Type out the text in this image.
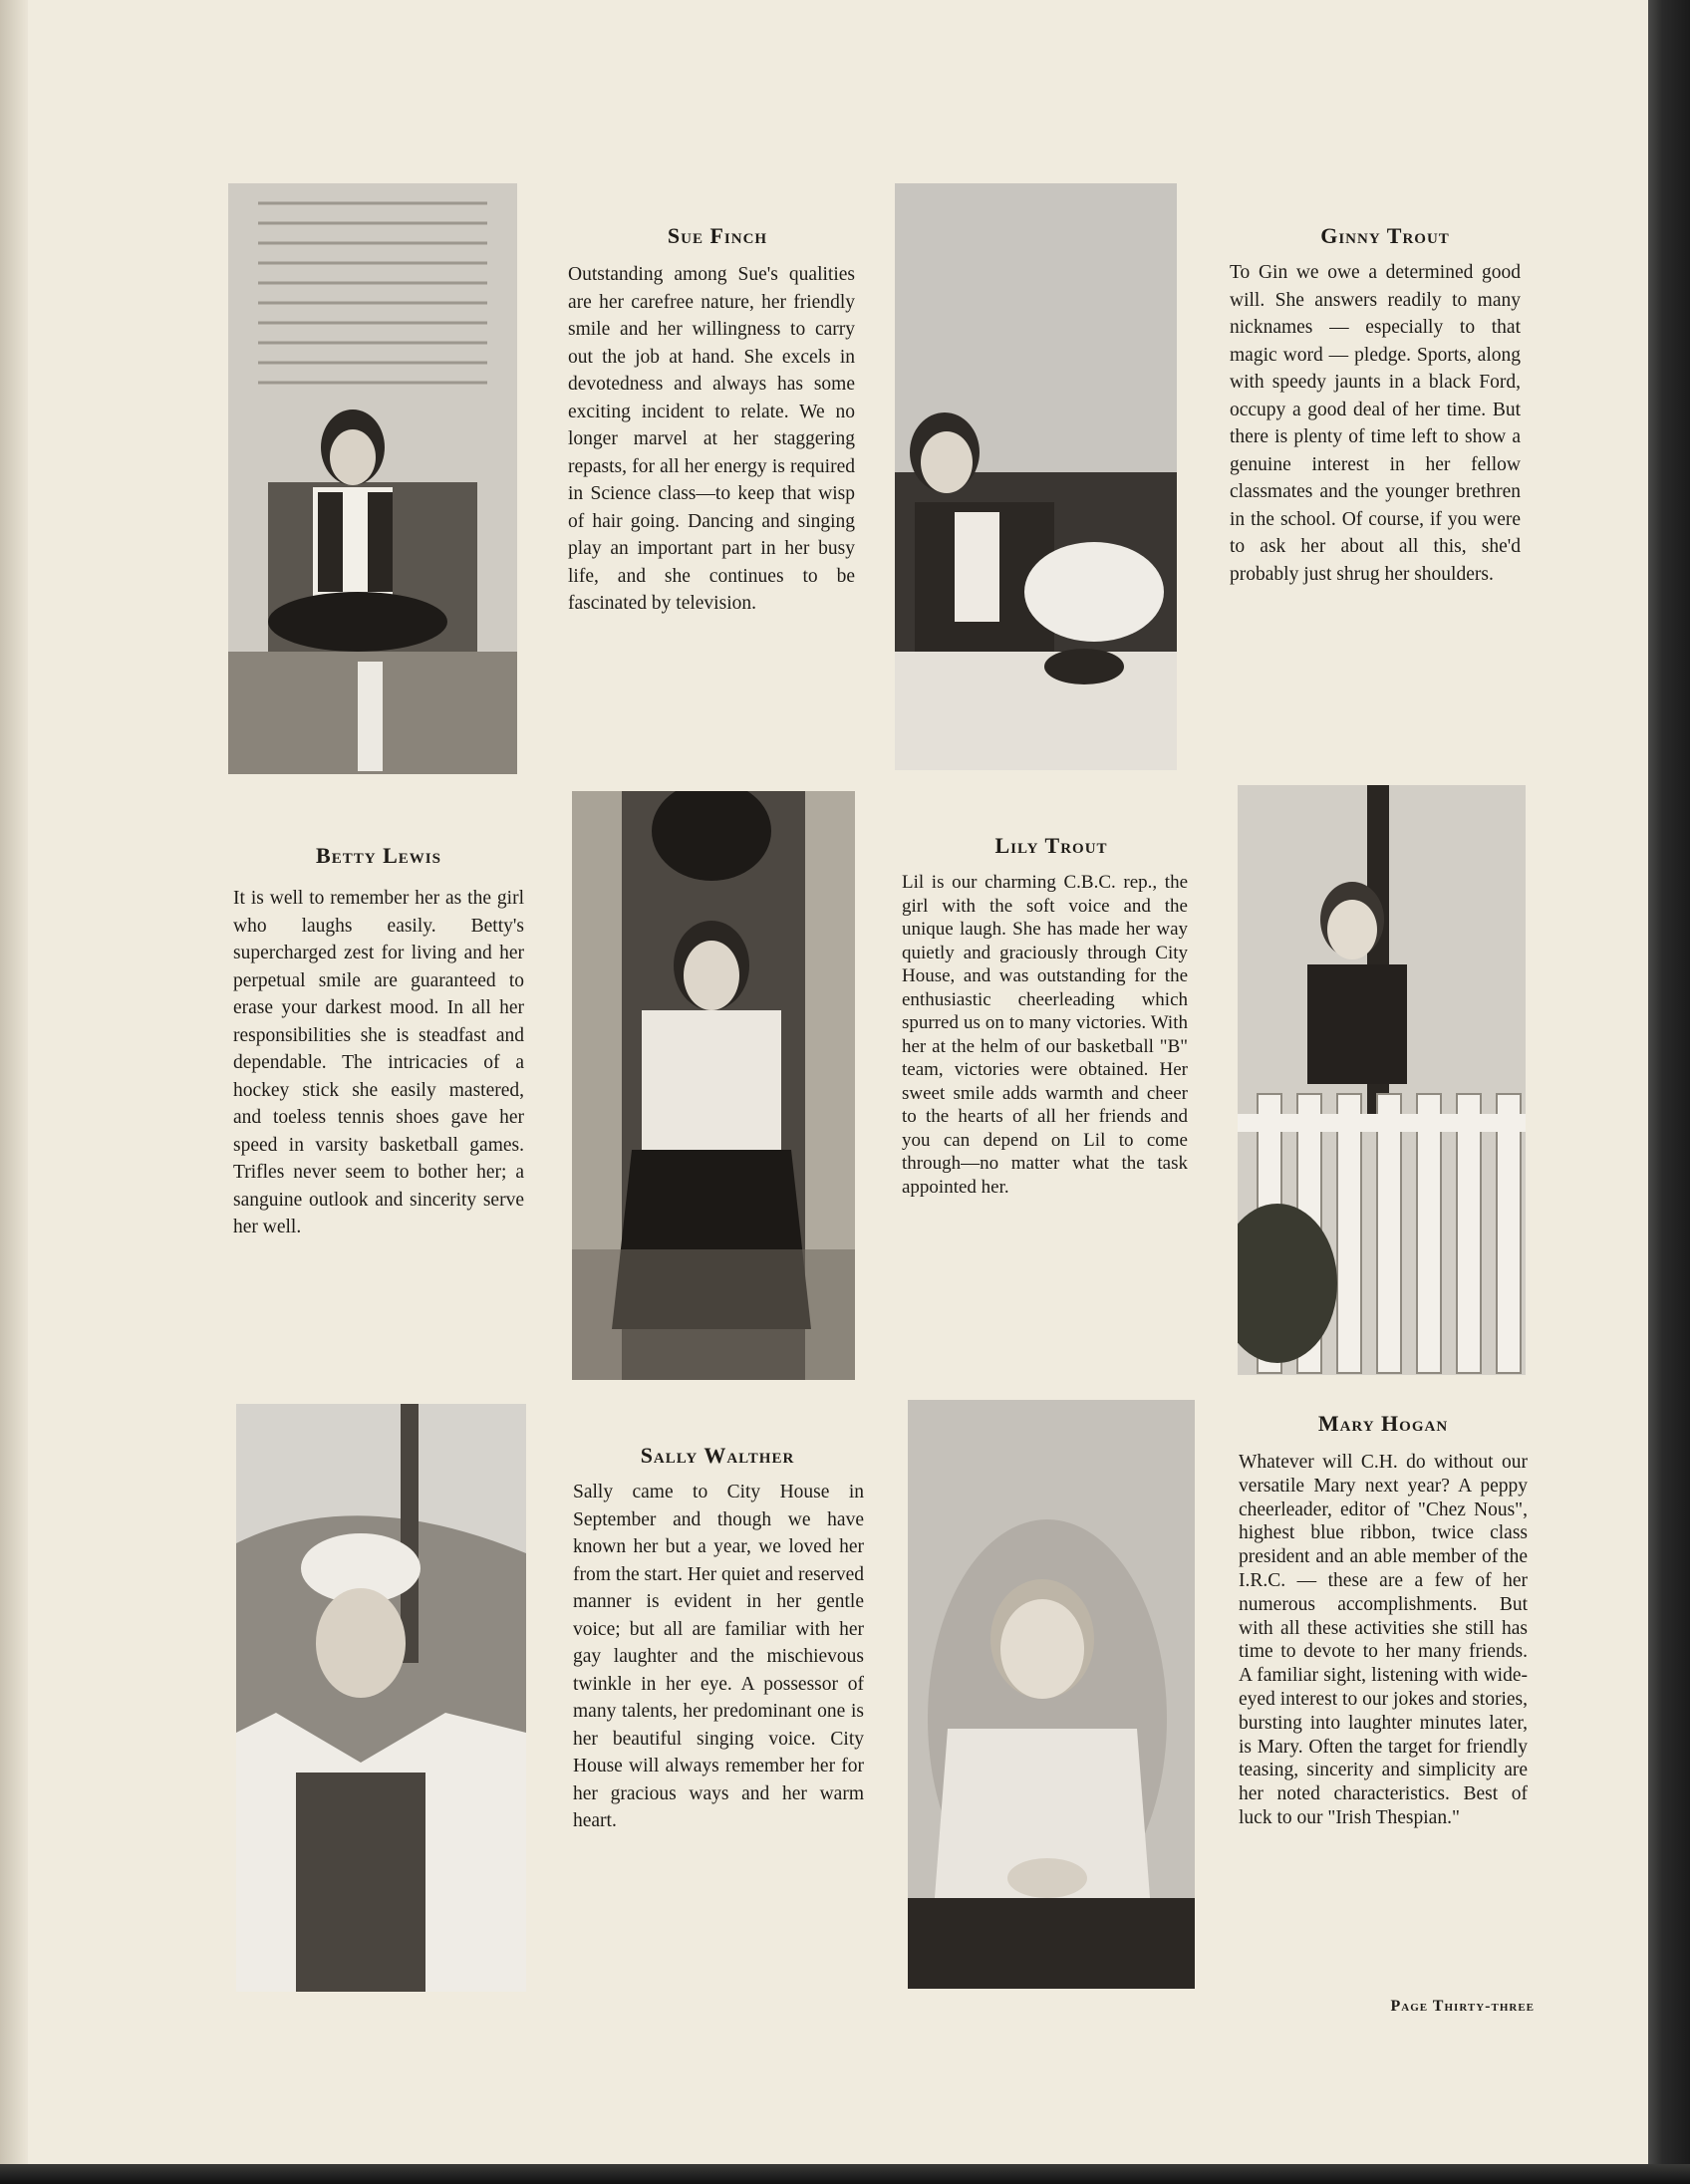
Sue Finch

Outstanding among Sue's qualities are her carefree nature, her friendly smile and her willingness to carry out the job at hand. She excels in devotedness and always has some exciting incident to relate. We no longer marvel at her staggering repasts, for all her energy is required in Science class—to keep that wisp of hair going. Dancing and singing play an important part in her busy life, and she continues to be fascinated by television.

Ginny Trout

To Gin we owe a determined good will. She answers readily to many nicknames — especially to that magic word — pledge. Sports, along with speedy jaunts in a black Ford, occupy a good deal of her time. But there is plenty of time left to show a genuine interest in her fellow classmates and the younger brethren in the school. Of course, if you were to ask her about all this, she'd probably just shrug her shoulders.

Betty Lewis

It is well to remember her as the girl who laughs easily. Betty's supercharged zest for living and her perpetual smile are guaranteed to erase your darkest mood. In all her responsibilities she is steadfast and dependable. The intricacies of a hockey stick she easily mastered, and toeless tennis shoes gave her speed in varsity basketball games. Trifles never seem to bother her; a sanguine outlook and sincerity serve her well.

Lily Trout

Lil is our charming C.B.C. rep., the girl with the soft voice and the unique laugh. She has made her way quietly and graciously through City House, and was outstanding for the enthusiastic cheerleading which spurred us on to many victories. With her at the helm of our basketball "B" team, victories were obtained. Her sweet smile adds warmth and cheer to the hearts of all her friends and you can depend on Lil to come through—no matter what the task appointed her.

Sally Walther

Sally came to City House in September and though we have known her but a year, we loved her from the start. Her quiet and reserved manner is evident in her gentle voice; but all are familiar with her gay laughter and the mischievous twinkle in her eye. A possessor of many talents, her predominant one is her beautiful singing voice. City House will always remember her for her gracious ways and her warm heart.

Mary Hogan

Whatever will C.H. do without our versatile Mary next year? A peppy cheerleader, editor of "Chez Nous", highest blue ribbon, twice class president and an able member of the I.R.C. — these are a few of her numerous accomplishments. But with all these activities she still has time to devote to her many friends. A familiar sight, listening with wide-eyed interest to our jokes and stories, bursting into laughter minutes later, is Mary. Often the target for friendly teasing, sincerity and simplicity are her noted characteristics. Best of luck to our "Irish Thespian."

Page Thirty-three
